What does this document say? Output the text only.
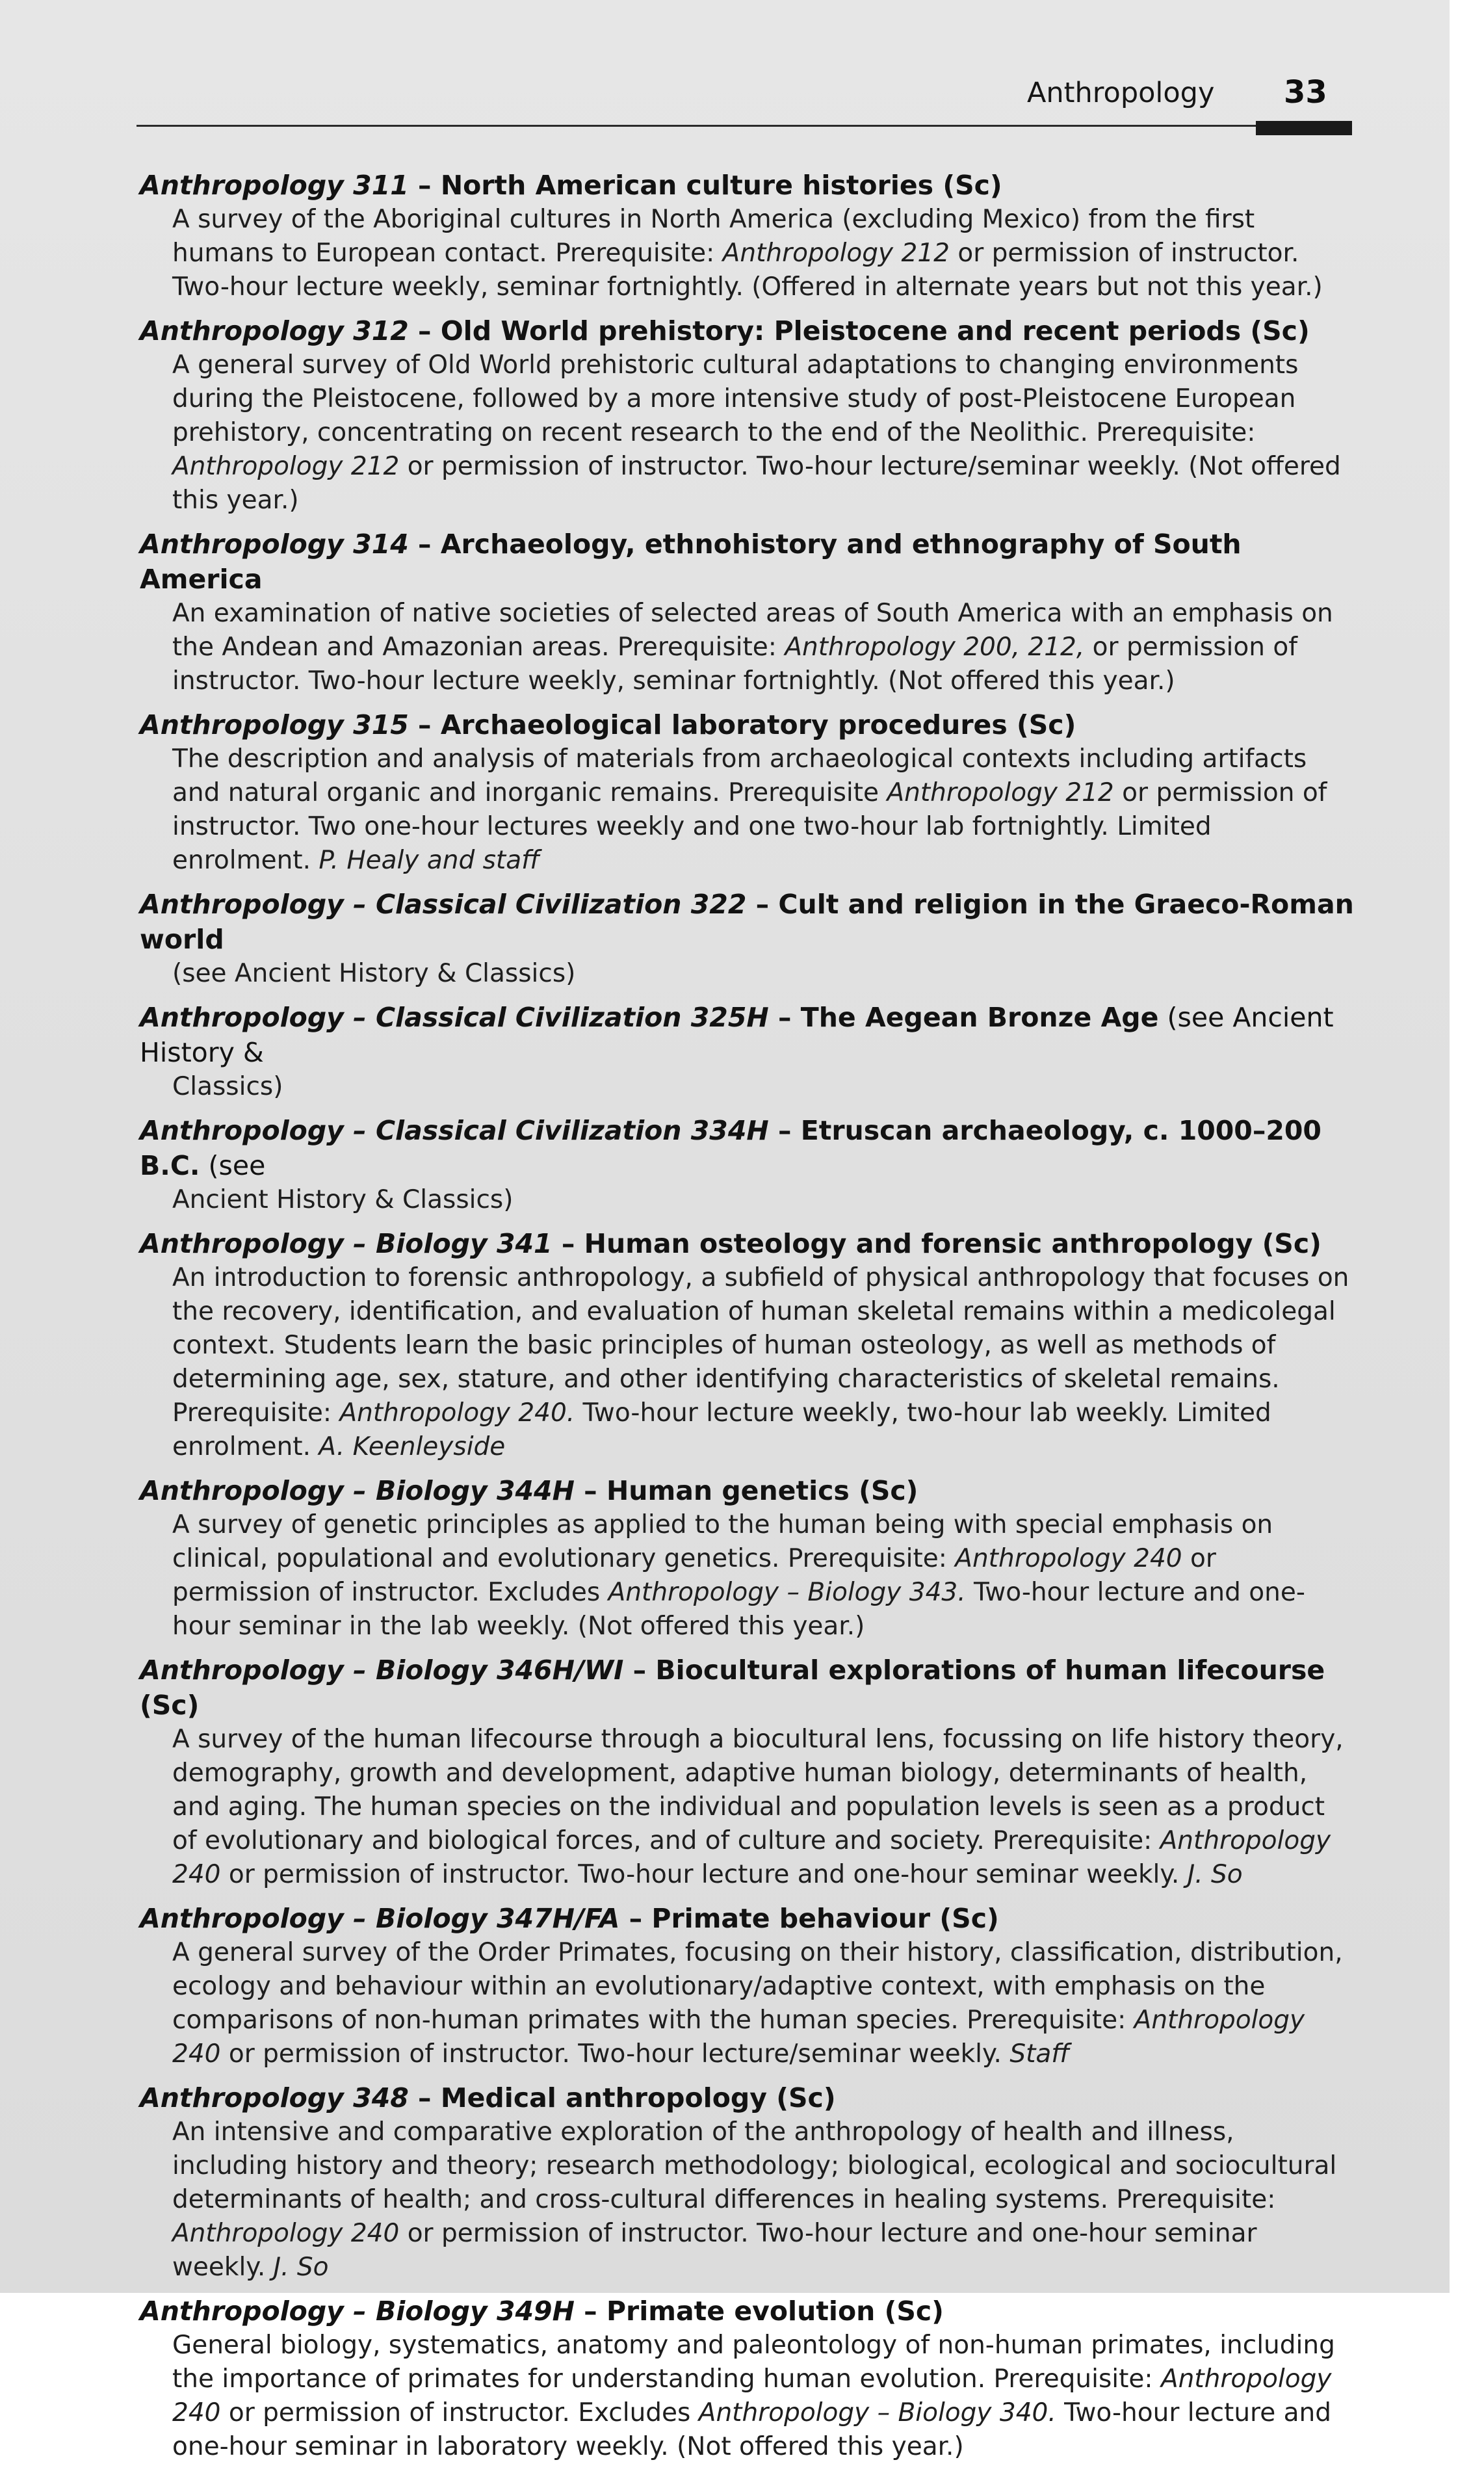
Anthropology 33
Anthropology 311 – North American culture histories (Sc)
A survey of the Aboriginal cultures in North America (excluding Mexico) from the first humans to European contact. Prerequisite: Anthropology 212 or permission of instructor. Two-hour lecture weekly, seminar fortnightly. (Offered in alternate years but not this year.)
Anthropology 312 – Old World prehistory: Pleistocene and recent periods (Sc)
A general survey of Old World prehistoric cultural adaptations to changing environments during the Pleistocene, followed by a more intensive study of post-Pleistocene European prehistory, concentrating on recent research to the end of the Neolithic. Prerequisite: Anthropology 212 or permission of instructor. Two-hour lecture/seminar weekly. (Not offered this year.)
Anthropology 314 – Archaeology, ethnohistory and ethnography of South America
An examination of native societies of selected areas of South America with an emphasis on the Andean and Amazonian areas. Prerequisite: Anthropology 200, 212, or permission of instructor. Two-hour lecture weekly, seminar fortnightly. (Not offered this year.)
Anthropology 315 – Archaeological laboratory procedures (Sc)
The description and analysis of materials from archaeological contexts including artifacts and natural organic and inorganic remains. Prerequisite Anthropology 212 or permission of instructor. Two one-hour lectures weekly and one two-hour lab fortnightly. Limited enrolment. P. Healy and staff
Anthropology – Classical Civilization 322 – Cult and religion in the Graeco-Roman world
(see Ancient History & Classics)
Anthropology – Classical Civilization 325H – The Aegean Bronze Age (see Ancient History &
Classics)
Anthropology – Classical Civilization 334H – Etruscan archaeology, c. 1000–200 B.C. (see
Ancient History & Classics)
Anthropology – Biology 341 – Human osteology and forensic anthropology (Sc)
An introduction to forensic anthropology, a subfield of physical anthropology that focuses on the recovery, identification, and evaluation of human skeletal remains within a medicolegal context. Students learn the basic principles of human osteology, as well as methods of determining age, sex, stature, and other identifying characteristics of skeletal remains. Prerequisite: Anthropology 240. Two-hour lecture weekly, two-hour lab weekly. Limited enrolment. A. Keenleyside
Anthropology – Biology 344H – Human genetics (Sc)
A survey of genetic principles as applied to the human being with special emphasis on clinical, populational and evolutionary genetics. Prerequisite: Anthropology 240 or permission of instructor. Excludes Anthropology – Biology 343. Two-hour lecture and one-hour seminar in the lab weekly. (Not offered this year.)
Anthropology – Biology 346H/WI – Biocultural explorations of human lifecourse (Sc)
A survey of the human lifecourse through a biocultural lens, focussing on life history theory, demography, growth and development, adaptive human biology, determinants of health, and aging. The human species on the individual and population levels is seen as a product of evolutionary and biological forces, and of culture and society. Prerequisite: Anthropology 240 or permission of instructor. Two-hour lecture and one-hour seminar weekly. J. So
Anthropology – Biology 347H/FA – Primate behaviour (Sc)
A general survey of the Order Primates, focusing on their history, classification, distribution, ecology and behaviour within an evolutionary/adaptive context, with emphasis on the comparisons of non-human primates with the human species. Prerequisite: Anthropology 240 or permission of instructor. Two-hour lecture/seminar weekly. Staff
Anthropology 348 – Medical anthropology (Sc)
An intensive and comparative exploration of the anthropology of health and illness, including history and theory; research methodology; biological, ecological and sociocultural determinants of health; and cross-cultural differences in healing systems. Prerequisite: Anthropology 240 or permission of instructor. Two-hour lecture and one-hour seminar weekly. J. So
Anthropology – Biology 349H – Primate evolution (Sc)
General biology, systematics, anatomy and paleontology of non-human primates, including the importance of primates for understanding human evolution. Prerequisite: Anthropology 240 or permission of instructor. Excludes Anthropology – Biology 340. Two-hour lecture and one-hour seminar in laboratory weekly. (Not offered this year.)
